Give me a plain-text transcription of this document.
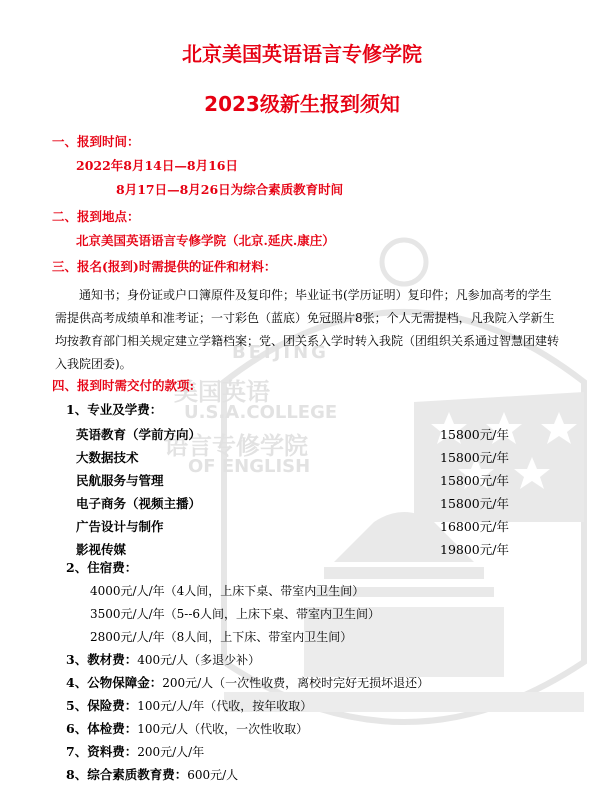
BEIJING
美国英语
U.S.A.COLLEGE
语言专修学院
OF ENGLISH
北京美国英语语言专修学院
2023级新生报到须知
一、报到时间：
2022年8月14日—8月16日
8月17日—8月26日为综合素质教育时间
二、报到地点：
北京美国英语语言专修学院（北京.延庆.康庄）
三、报名(报到)时需提供的证件和材料：
通知书；身份证或户口簿原件及复印件；毕业证书(学历证明）复印件；凡参加高考的学生需提供高考成绩单和准考证；一寸彩色（蓝底）免冠照片8张；个人无需提档，凡我院入学新生均按教育部门相关规定建立学籍档案；党、团关系入学时转入我院（团组织关系通过智慧团建转入我院团委)。
四、报到时需交付的款项:
1、专业及学费：
英语教育（学前方向）	15800元/年
大数据技术	15800元/年
民航服务与管理	15800元/年
电子商务（视频主播）	15800元/年
广告设计与制作	16800元/年
影视传媒	19800元/年
2、住宿费：
4000元/人/年（4人间，上床下桌、带室内卫生间）
3500元/人/年（5--6人间，上床下桌、带室内卫生间）
2800元/人/年（8人间，上下床、带室内卫生间）
3、教材费：400元/人（多退少补）
4、公物保障金：200元/人（一次性收费，离校时完好无损坏退还）
5、保险费：100元/人/年（代收，按年收取）
6、体检费：100元/人（代收，一次性收取）
7、资料费：200元/人/年
8、综合素质教育费：600元/人
